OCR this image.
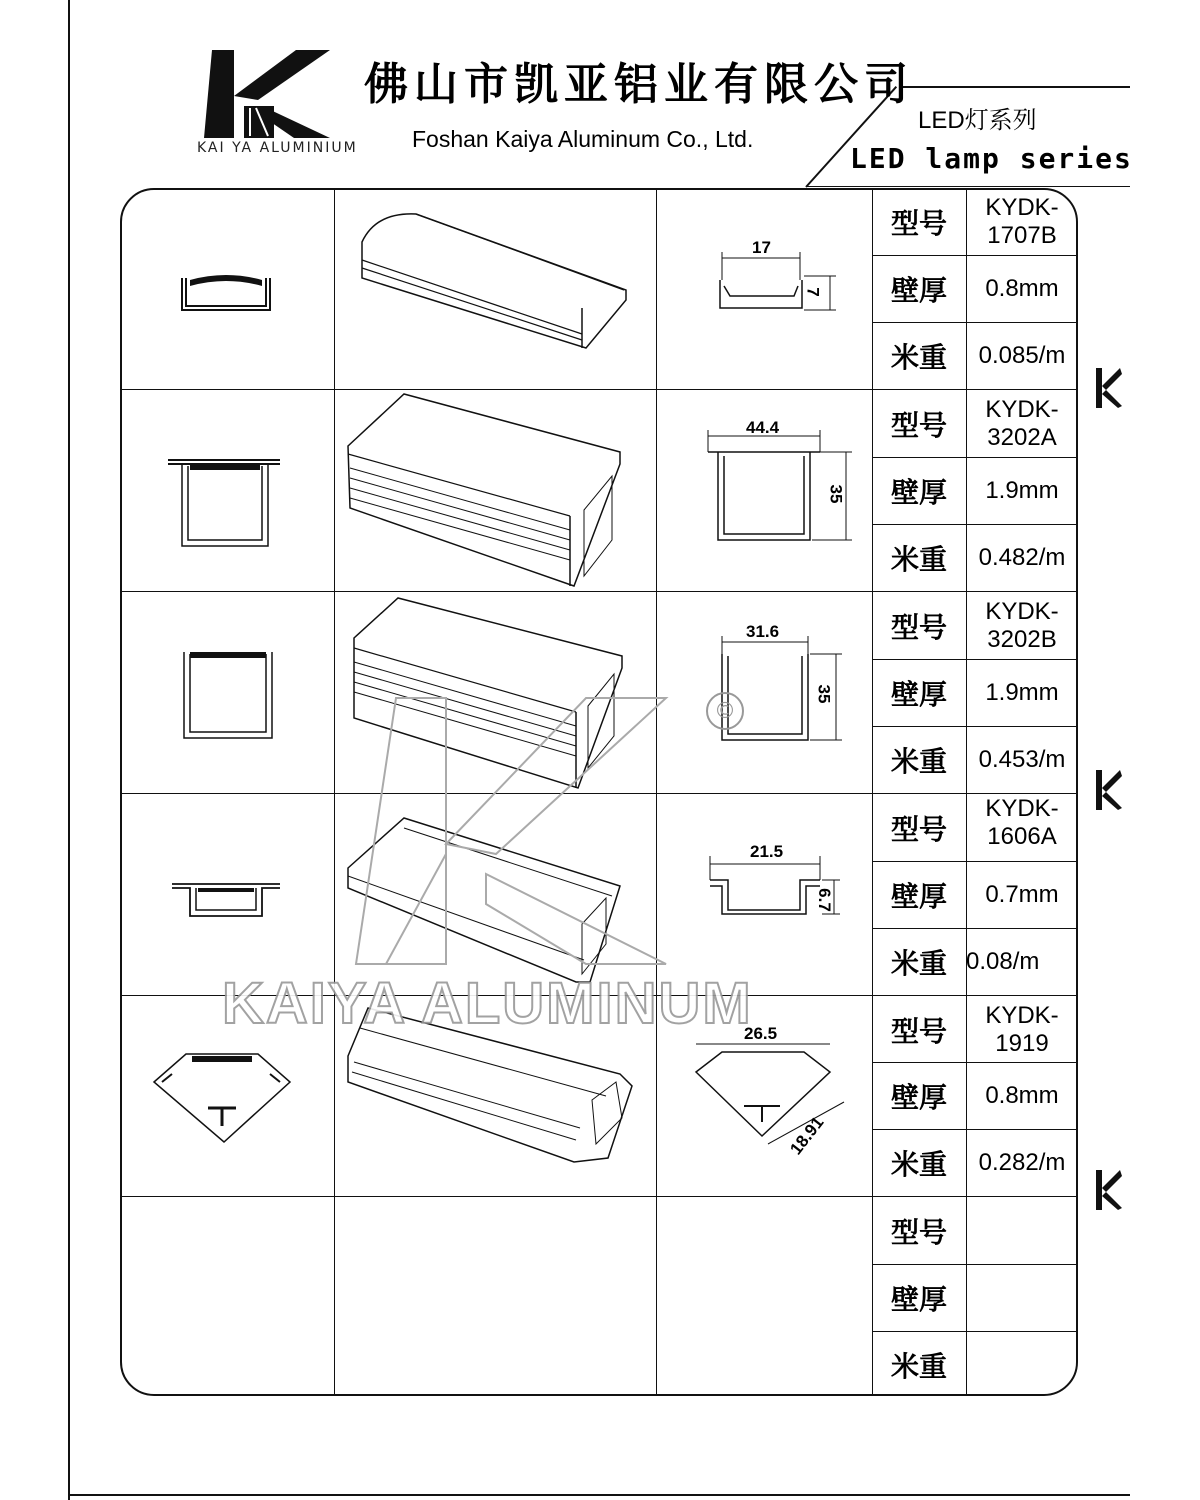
KAI YA ALUMINIUM
佛山市凯亚铝业有限公司
Foshan Kaiya Aluminum Co., Ltd.
LED灯系列
LED lamp series
17
7
型号	KYDK-
1707B
壁厚	0.8mm
米重	0.085/m
44.4
35
型号	KYDK-
3202A
壁厚	1.9mm
米重	0.482/m
31.6
35
型号	KYDK-
3202B
壁厚	1.9mm
米重	0.453/m
21.5
6.7
型号
KYDK-
1606A
壁厚	0.7mm
米重 0.08/m
26.5
18.91
型号	KYDK-
1919
壁厚	0.8mm
米重	0.282/m
型号
壁厚
米重
©
KAIYA ALUMINUM
